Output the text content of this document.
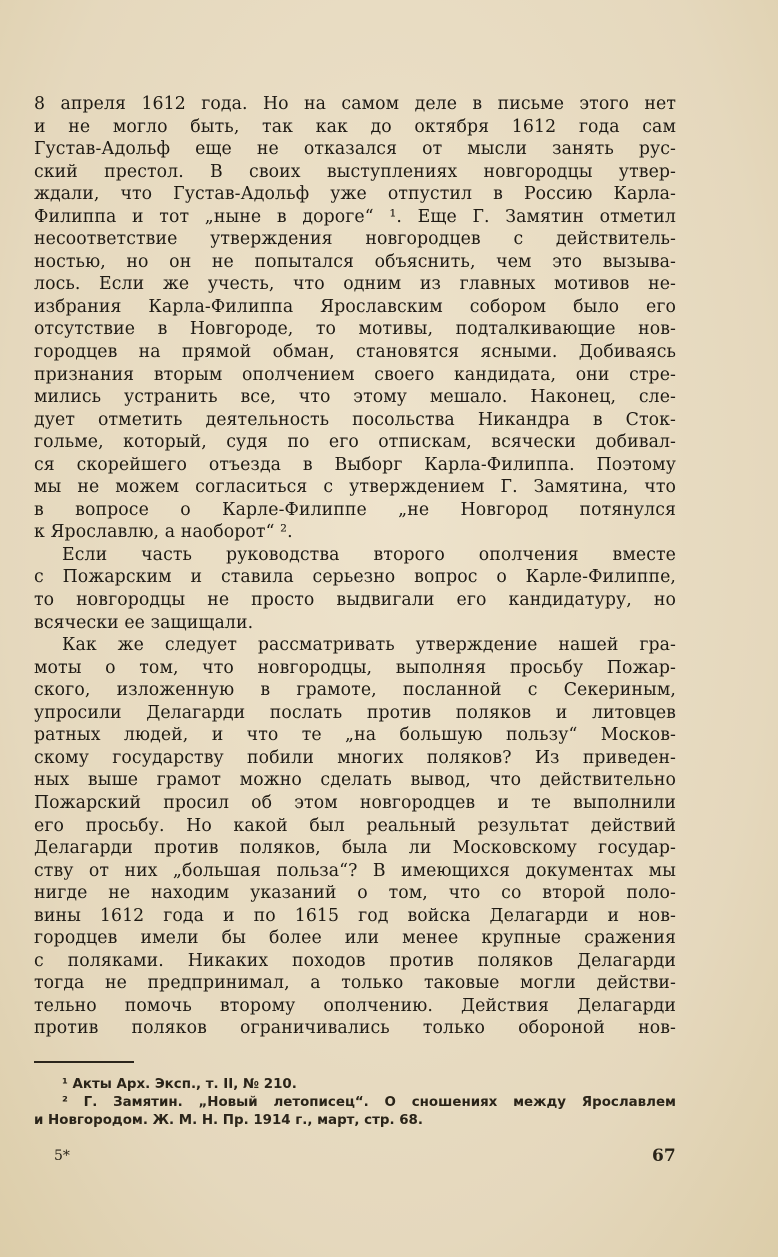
8 апреля 1612 года. Но на самом деле в письме этого нет
и не могло быть, так как до октября 1612 года сам
Густав-Адольф еще не отказался от мысли занять рус-
ский престол. В своих выступлениях новгородцы утвер-
ждали, что Густав-Адольф уже отпустил в Россию Карла-
Филиппа и тот „ныне в дороге“ ¹. Еще Г. Замятин отметил
несоответствие утверждения новгородцев с действитель-
ностью, но он не попытался объяснить, чем это вызыва-
лось. Если же учесть, что одним из главных мотивов не-
избрания Карла-Филиппа Ярославским собором было его
отсутствие в Новгороде, то мотивы, подталкивающие нов-
городцев на прямой обман, становятся ясными. Добиваясь
признания вторым ополчением своего кандидата, они стре-
мились устранить все, что этому мешало. Наконец, сле-
дует отметить деятельность посольства Никандра в Сток-
гольме, который, судя по его отпискам, всячески добивал-
ся скорейшего отъезда в Выборг Карла-Филиппа. Поэтому
мы не можем согласиться с утверждением Г. Замятина, что
в вопросе о Карле-Филиппе „не Новгород потянулся
к Ярославлю, а наоборот“ ².
Если часть руководства второго ополчения вместе
с Пожарским и ставила серьезно вопрос о Карле-Филиппе,
то новгородцы не просто выдвигали его кандидатуру, но
всячески ее защищали.
Как же следует рассматривать утверждение нашей гра-
моты о том, что новгородцы, выполняя просьбу Пожар-
ского, изложенную в грамоте, посланной с Секериным,
упросили Делагарди послать против поляков и литовцев
ратных людей, и что те „на большую пользу“ Москов-
скому государству побили многих поляков? Из приведен-
ных выше грамот можно сделать вывод, что действительно
Пожарский просил об этом новгородцев и те выполнили
его просьбу. Но какой был реальный результат действий
Делагарди против поляков, была ли Московскому государ-
ству от них „большая польза“? В имеющихся документах мы
нигде не находим указаний о том, что со второй поло-
вины 1612 года и по 1615 год войска Делагарди и нов-
городцев имели бы более или менее крупные сражения
с поляками. Никаких походов против поляков Делагарди
тогда не предпринимал, а только таковые могли действи-
тельно помочь второму ополчению. Действия Делагарди
против поляков ограничивались только обороной нов-
¹ Акты Арх. Эксп., т. II, № 210.
² Г. Замятин. „Новый летописец“. О сношениях между Ярославлем
и Новгородом. Ж. М. Н. Пр. 1914 г., март, стр. 68.
5*	67
